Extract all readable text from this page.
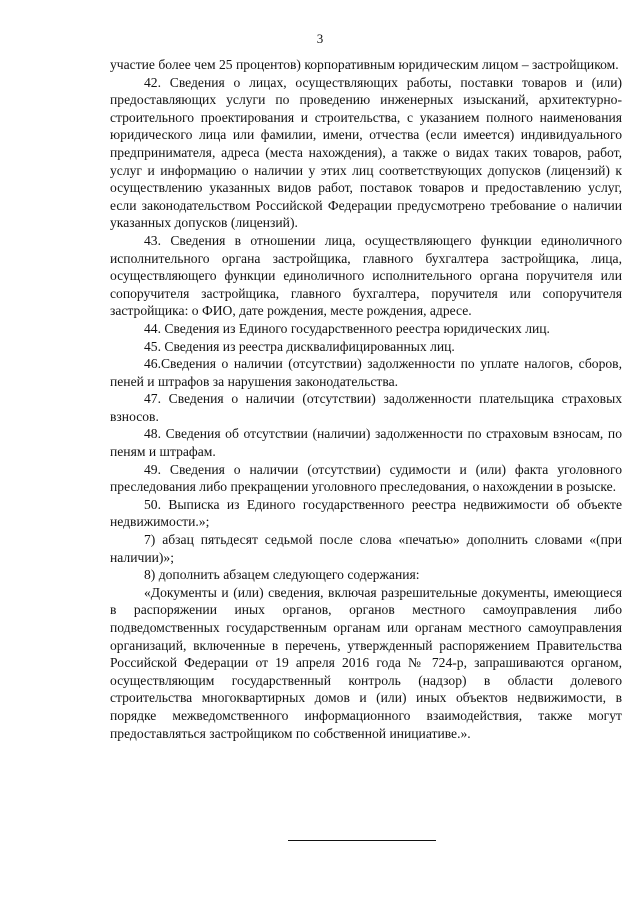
3

участие более чем 25 процентов) корпоративным юридическим лицом – застройщиком.

42. Сведения о лицах, осуществляющих работы, поставки товаров и (или) предоставляющих услуги по проведению инженерных изысканий, архитектурно-строительного проектирования и строительства, с указанием полного наименования юридического лица или фамилии, имени, отчества (если имеется) индивидуального предпринимателя, адреса (места нахождения), а также о видах таких товаров, работ, услуг и информацию о наличии у этих лиц соответствующих допусков (лицензий) к осуществлению указанных видов работ, поставок товаров и предоставлению услуг, если законодательством Российской Федерации предусмотрено требование о наличии указанных допусков (лицензий).

43. Сведения в отношении лица, осуществляющего функции единоличного исполнительного органа застройщика, главного бухгалтера застройщика, лица, осуществляющего функции единоличного исполнительного органа поручителя или сопоручителя застройщика, главного бухгалтера, поручителя или сопоручителя застройщика: о ФИО, дате рождения, месте рождения, адресе.

44. Сведения из Единого государственного реестра юридических лиц.

45. Сведения из реестра дисквалифицированных лиц.

46.Сведения о наличии (отсутствии) задолженности по уплате налогов, сборов, пеней и штрафов за нарушения законодательства.

47. Сведения о наличии (отсутствии) задолженности плательщика страховых взносов.

48. Сведения об отсутствии (наличии) задолженности по страховым взносам, по пеням и штрафам.

49. Сведения о наличии (отсутствии) судимости и (или) факта уголовного преследования либо прекращении уголовного преследования, о нахождении в розыске.

50. Выписка из Единого государственного реестра недвижимости об объекте недвижимости.»;

7) абзац пятьдесят седьмой после слова «печатью» дополнить словами «(при наличии)»;

8) дополнить абзацем следующего содержания:

«Документы и (или) сведения, включая разрешительные документы, имеющиеся в распоряжении иных органов, органов местного самоуправления либо подведомственных государственным органам или органам местного самоуправления организаций, включенные в перечень, утвержденный распоряжением Правительства Российской Федерации от 19 апреля 2016 года № 724-р, запрашиваются органом, осуществляющим государственный контроль (надзор) в области долевого строительства многоквартирных домов и (или) иных объектов недвижимости, в порядке межведомственного информационного взаимодействия, также могут предоставляться застройщиком по собственной инициативе.».
